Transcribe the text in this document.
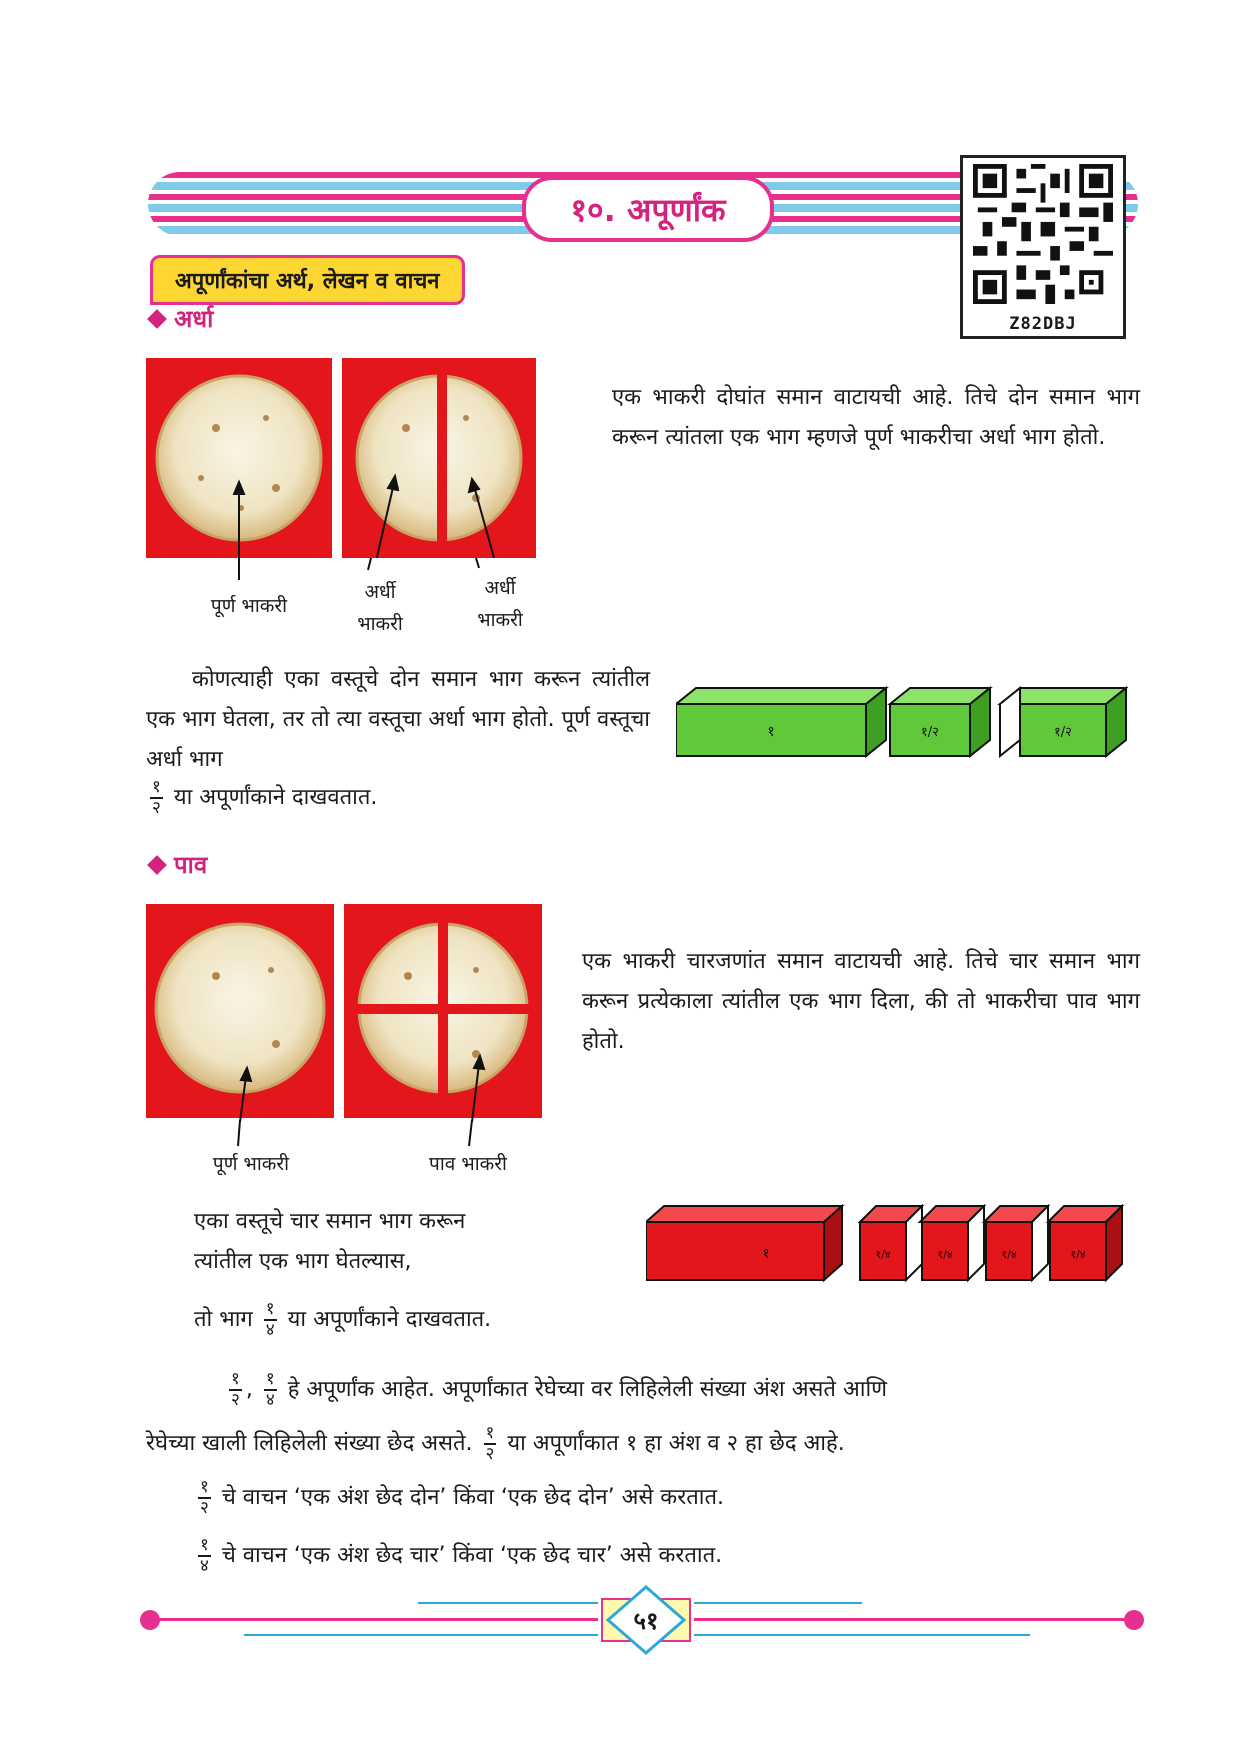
१०. अपूर्णांक
Z82DBJ
अपूर्णांकांचा अर्थ, लेखन व वाचन
अर्धा
पूर्ण भाकरी
अर्धी भाकरी
अर्धी भाकरी
एक भाकरी दोघांत समान वाटायची आहे. तिचे दोन समान भाग करून त्यांतला एक भाग म्हणजे पूर्ण भाकरीचा अर्धा भाग होतो.
कोणत्याही एका वस्तूचे दोन समान भाग करून त्यांतील एक भाग घेतला, तर तो त्या वस्तूचा अर्धा भाग होतो. पूर्ण वस्तूचा अर्धा भाग
$\frac{१}{२}$ या अपूर्णांकाने दाखवतात.
१	१/२	१/२
पाव
पूर्ण भाकरी	पाव भाकरी
एक भाकरी चारजणांत समान वाटायची आहे. तिचे चार समान भाग करून प्रत्येकाला त्यांतील एक भाग दिला, की तो भाकरीचा पाव भाग होतो.
एका वस्तूचे चार समान भाग करून
त्यांतील एक भाग घेतल्यास,
तो भाग $\frac{१}{४}$ या अपूर्णांकाने दाखवतात.
१	१/४	१/४	१/४	१/४

$\frac{१}{२}$ , $\frac{१}{४}$ हे अपूर्णांक आहेत. अपूर्णांकात रेघेच्या वर लिहिलेली संख्या अंश असते आणि
रेघेच्या खाली लिहिलेली संख्या छेद असते. $\frac{१}{२}$ या अपूर्णांकात १ हा अंश व २ हा छेद आहे.
$\frac{१}{२}$ चे वाचन ‘एक अंश छेद दोन’ किंवा ‘एक छेद दोन’ असे करतात.
$\frac{१}{४}$ चे वाचन ‘एक अंश छेद चार’ किंवा ‘एक छेद चार’ असे करतात.
५१
